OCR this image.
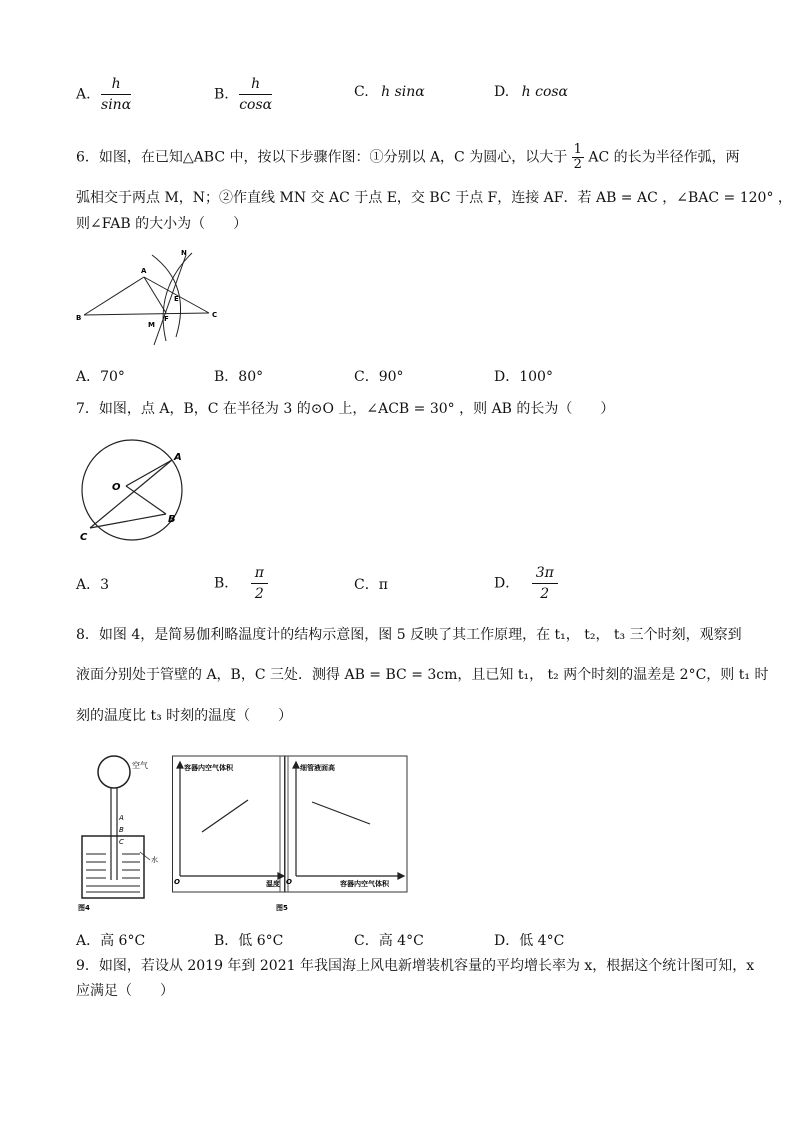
A. $\frac{h}{\sin\alpha}$	B. $\frac{h}{\cos\alpha}$	C. h sinα	D. h cosα
6．如图，在已知△ABC 中，按以下步骤作图：①分别以 A，C 为圆心，以大于 $\frac{1}{2}$ AC 的长为半径作弧，两
弧相交于两点 M，N；②作直线 MN 交 AC 于点 E，交 BC 于点 F，连接 AF．若 AB = AC ，∠BAC = 120° ，
则∠FAB 的大小为（　　）
B
A
C
E
F
M
N
A．70°	B．80°	C．90°	D．100°
7．如图，点 A，B，C 在半径为 3 的⊙O 上，∠ACB = 30° ，则 AB 的长为（　　）
O
A
B
C
A．3	B． $\frac{\pi}{2}$	C．π	D． $\frac{3\pi}{2}$
8．如图 4，是简易伽利略温度计的结构示意图，图 5 反映了其工作原理，在 t₁， t₂， t₃ 三个时刻，观察到
液面分别处于管壁的 A，B，C 三处．测得 AB = BC = 3cm，且已知 t₁， t₂ 两个时刻的温差是 2°C，则 t₁ 时
刻的温度比 t₃ 时刻的温度（　　）
空气
A
B
C
水
图4
容器内空气体积
O	温度
细管液面高
O	容器内空气体积
图5
A．高 6°C	B．低 6°C	C．高 4°C	D．低 4°C
9．如图，若设从 2019 年到 2021 年我国海上风电新增装机容量的平均增长率为 x，根据这个统计图可知，x
应满足（　　）
